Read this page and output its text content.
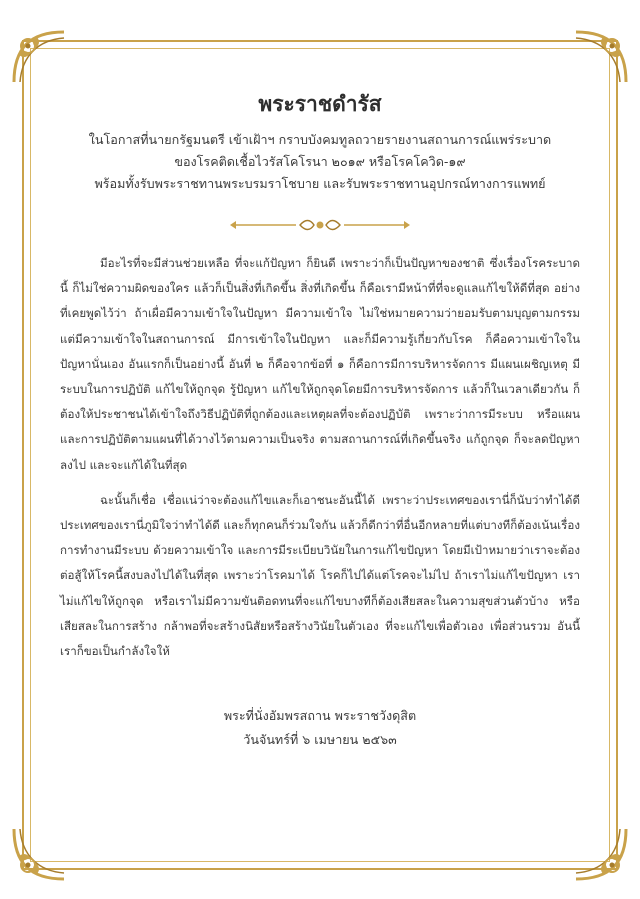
พระราชดำรัส
ในโอกาสที่นายกรัฐมนตรี เข้าเฝ้าฯ กราบบังคมทูลถวายรายงานสถานการณ์แพร่ระบาด
ของโรคติดเชื้อไวรัสโคโรนา ๒๐๑๙ หรือโรคโควิด-๑๙
พร้อมทั้งรับพระราชทานพระบรมราโชบาย และรับพระราชทานอุปกรณ์ทางการแพทย์

มีอะไรที่จะมีส่วนช่วยเหลือ ที่จะแก้ปัญหา ก็ยินดี เพราะว่าก็เป็นปัญหาของชาติ ซึ่งเรื่องโรคระบาดนี้ ก็ไม่ใช่ความผิดของใคร แล้วก็เป็นสิ่งที่เกิดขึ้น สิ่งที่เกิดขึ้น ก็คือเรามีหน้าที่ที่จะดูแลแก้ไขให้ดีที่สุด อย่างที่เคยพูดไว้ว่า ถ้าเผื่อมีความเข้าใจในปัญหา มีความเข้าใจ ไม่ใช่หมายความว่ายอมรับตามบุญตามกรรม แต่มีความเข้าใจในสถานการณ์ มีการเข้าใจในปัญหา และก็มีความรู้เกี่ยวกับโรค ก็คือความเข้าใจในปัญหานั่นเอง อันแรกก็เป็นอย่างนี้ อันที่ ๒ ก็คือจากข้อที่ ๑ ก็คือการมีการบริหารจัดการ มีแผนเผชิญเหตุ มีระบบในการปฏิบัติ แก้ไขให้ถูกจุด รู้ปัญหา แก้ไขให้ถูกจุดโดยมีการบริหารจัดการ แล้วก็ในเวลาเดียวกัน ก็ต้องให้ประชาชนได้เข้าใจถึงวิธีปฏิบัติที่ถูกต้องและเหตุผลที่จะต้องปฏิบัติ เพราะว่าการมีระบบ หรือแผน และการปฏิบัติตามแผนที่ได้วางไว้ตามความเป็นจริง ตามสถานการณ์ที่เกิดขึ้นจริง แก้ถูกจุด ก็จะลดปัญหาลงไป และจะแก้ได้ในที่สุด

ฉะนั้นก็เชื่อ เชื่อแน่ว่าจะต้องแก้ไขและก็เอาชนะอันนี้ได้ เพราะว่าประเทศของเรานี่ก็นับว่าทำได้ดี ประเทศของเรานี่ภูมิใจว่าทำได้ดี และก็ทุกคนก็ร่วมใจกัน แล้วก็ดีกว่าที่อื่นอีกหลายที่แต่บางทีก็ต้องเน้นเรื่องการทำงานมีระบบ ด้วยความเข้าใจ และการมีระเบียบวินัยในการแก้ไขปัญหา โดยมีเป้าหมายว่าเราจะต้องต่อสู้ให้โรคนี้สงบลงไปได้ในที่สุด เพราะว่าโรคมาได้ โรคก็ไปได้แต่โรคจะไม่ไป ถ้าเราไม่แก้ไขปัญหา เราไม่แก้ไขให้ถูกจุด หรือเราไม่มีความขันติอดทนที่จะแก้ไขบางทีก็ต้องเสียสละในความสุขส่วนตัวบ้าง หรือเสียสละในการสร้าง กล้าพอที่จะสร้างนิสัยหรือสร้างวินัยในตัวเอง ที่จะแก้ไขเพื่อตัวเอง เพื่อส่วนรวม อันนี้เราก็ขอเป็นกำลังใจให้

พระที่นั่งอัมพรสถาน พระราชวังดุสิต
วันจันทร์ที่ ๖ เมษายน ๒๕๖๓
